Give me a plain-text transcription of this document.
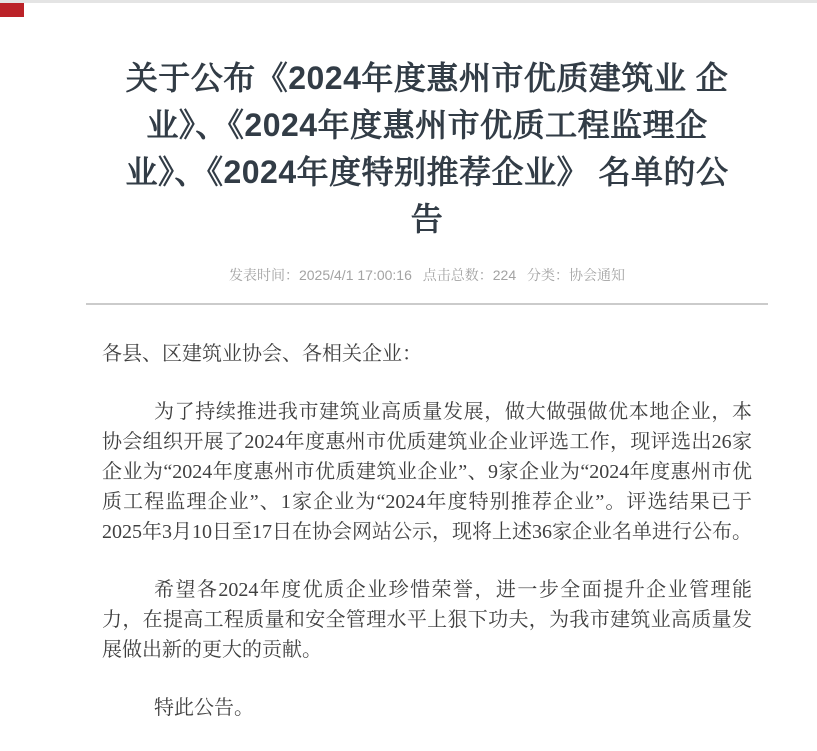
关于公布《2024年度惠州市优质建筑业 企
业》、《2024年度惠州市优质工程监理企
业》、《2024年度特别推荐企业》 名单的公
告
发表时间：2025/4/1 17:00:16 点击总数：224 分类：协会通知

各县、区建筑业协会、各相关企业：

为了持续推进我市建筑业高质量发展，做大做强做优本地企业，本协会组织开展了2024年度惠州市优质建筑业企业评选工作，现评选出26家企业为“2024年度惠州市优质建筑业企业”、9家企业为“2024年度惠州市优质工程监理企业”、1家企业为“2024年度特别推荐企业”。评选结果已于2025年3月10日至17日在协会网站公示，现将上述36家企业名单进行公布。

希望各2024年度优质企业珍惜荣誉，进一步全面提升企业管理能力，在提高工程质量和安全管理水平上狠下功夫，为我市建筑业高质量发展做出新的更大的贡献。

特此公告。
